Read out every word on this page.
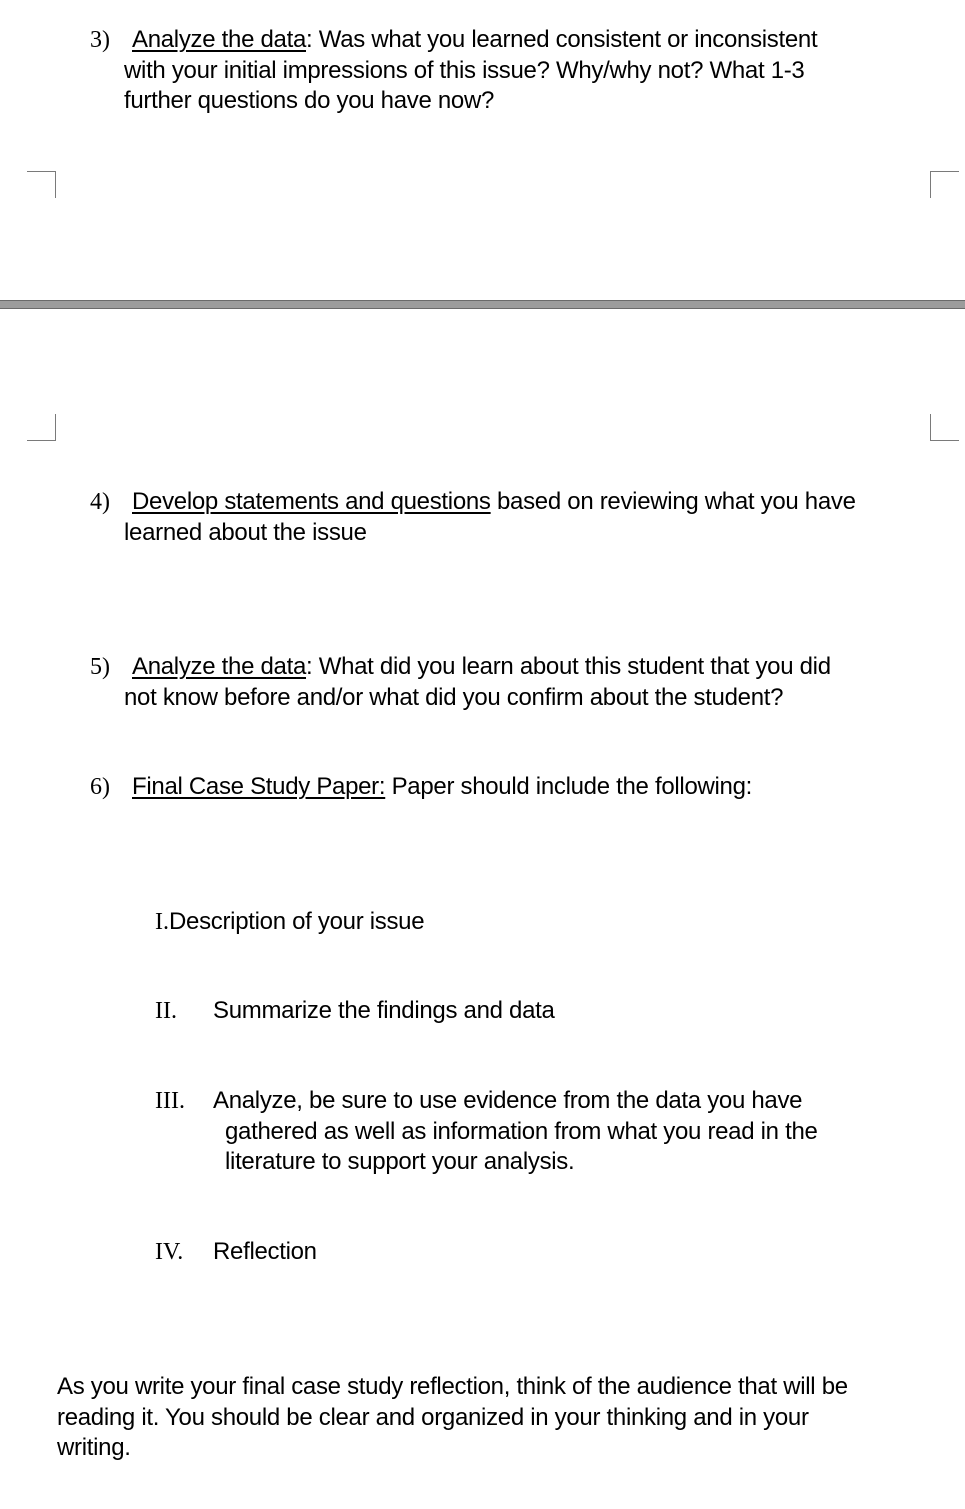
3) Analyze the data: Was what you learned consistent or inconsistent
with your initial impressions of this issue? Why/why not? What 1-3
further questions do you have now?
4) Develop statements and questions based on reviewing what you have
learned about the issue
5) Analyze the data: What did you learn about this student that you did
not know before and/or what did you confirm about the student?
6) Final Case Study Paper: Paper should include the following:
I.Description of your issue
II. Summarize the findings and data
III. Analyze, be sure to use evidence from the data you have
gathered as well as information from what you read in the
literature to support your analysis.
IV. Reflection
As you write your final case study reflection, think of the audience that will be
reading it. You should be clear and organized in your thinking and in your
writing.
